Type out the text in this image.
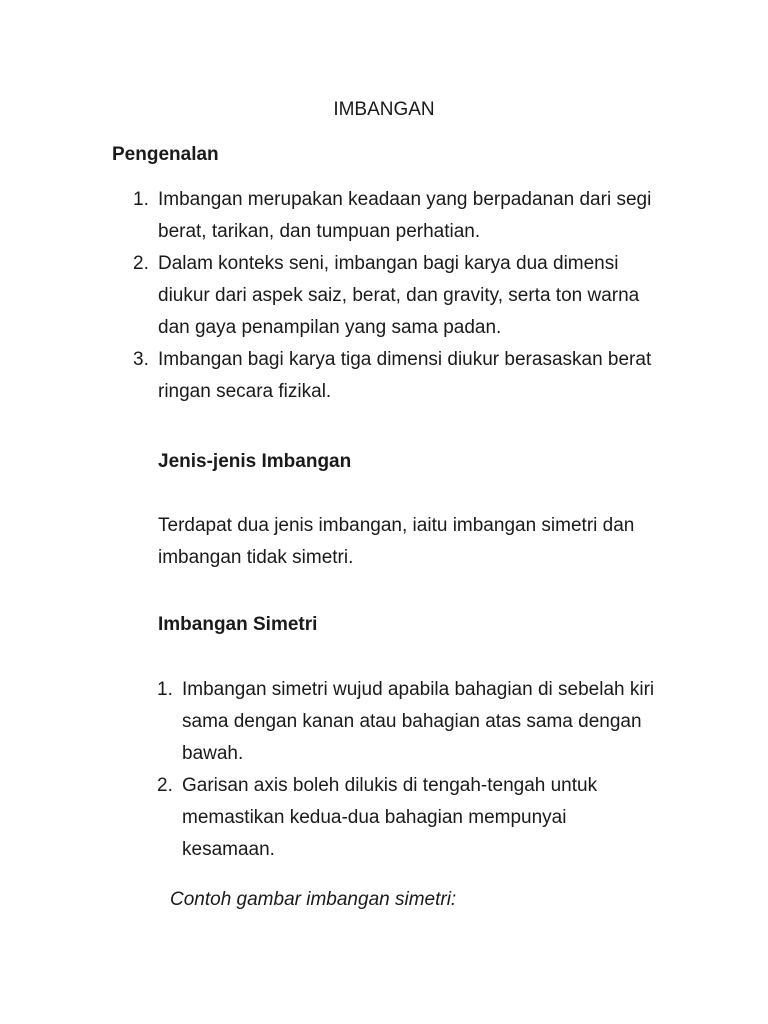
IMBANGAN
Pengenalan
1. Imbangan merupakan keadaan yang berpadanan dari segi berat, tarikan, dan tumpuan perhatian.
2. Dalam konteks seni, imbangan bagi karya dua dimensi diukur dari aspek saiz, berat, dan gravity, serta ton warna dan gaya penampilan yang sama padan.
3. Imbangan bagi karya tiga dimensi diukur berasaskan berat ringan secara fizikal.
Jenis-jenis Imbangan

Terdapat dua jenis imbangan, iaitu imbangan simetri dan imbangan tidak simetri.

Imbangan Simetri
1. Imbangan simetri wujud apabila bahagian di sebelah kiri sama dengan kanan atau bahagian atas sama dengan bawah.
2. Garisan axis boleh dilukis di tengah-tengah untuk memastikan kedua-dua bahagian mempunyai kesamaan.

Contoh gambar imbangan simetri:
